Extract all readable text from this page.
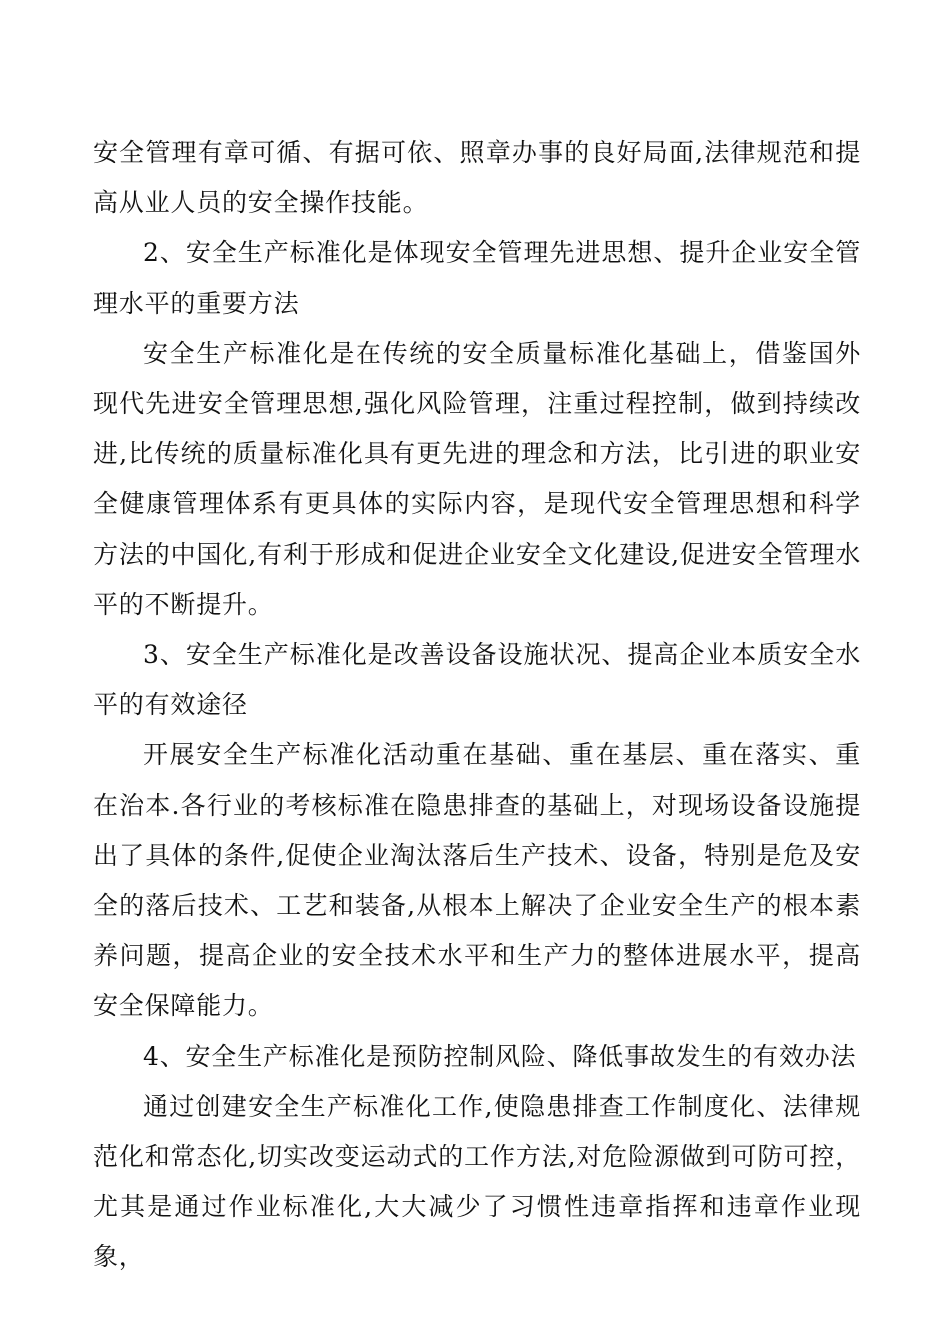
安全管理有章可循、有据可依、照章办事的良好局面,法律规范和提高从业人员的安全操作技能。

2、安全生产标准化是体现安全管理先进思想、提升企业安全管理水平的重要方法

安全生产标准化是在传统的安全质量标准化基础上，借鉴国外现代先进安全管理思想,强化风险管理，注重过程控制，做到持续改进,比传统的质量标准化具有更先进的理念和方法，比引进的职业安全健康管理体系有更具体的实际内容，是现代安全管理思想和科学方法的中国化,有利于形成和促进企业安全文化建设,促进安全管理水平的不断提升。

3、安全生产标准化是改善设备设施状况、提高企业本质安全水平的有效途径

开展安全生产标准化活动重在基础、重在基层、重在落实、重在治本.各行业的考核标准在隐患排查的基础上，对现场设备设施提出了具体的条件,促使企业淘汰落后生产技术、设备，特别是危及安全的落后技术、工艺和装备,从根本上解决了企业安全生产的根本素养问题，提高企业的安全技术水平和生产力的整体进展水平，提高安全保障能力。

4、安全生产标准化是预防控制风险、降低事故发生的有效办法

通过创建安全生产标准化工作,使隐患排查工作制度化、法律规范化和常态化,切实改变运动式的工作方法,对危险源做到可防可控，尤其是通过作业标准化,大大减少了习惯性违章指挥和违章作业现象，
